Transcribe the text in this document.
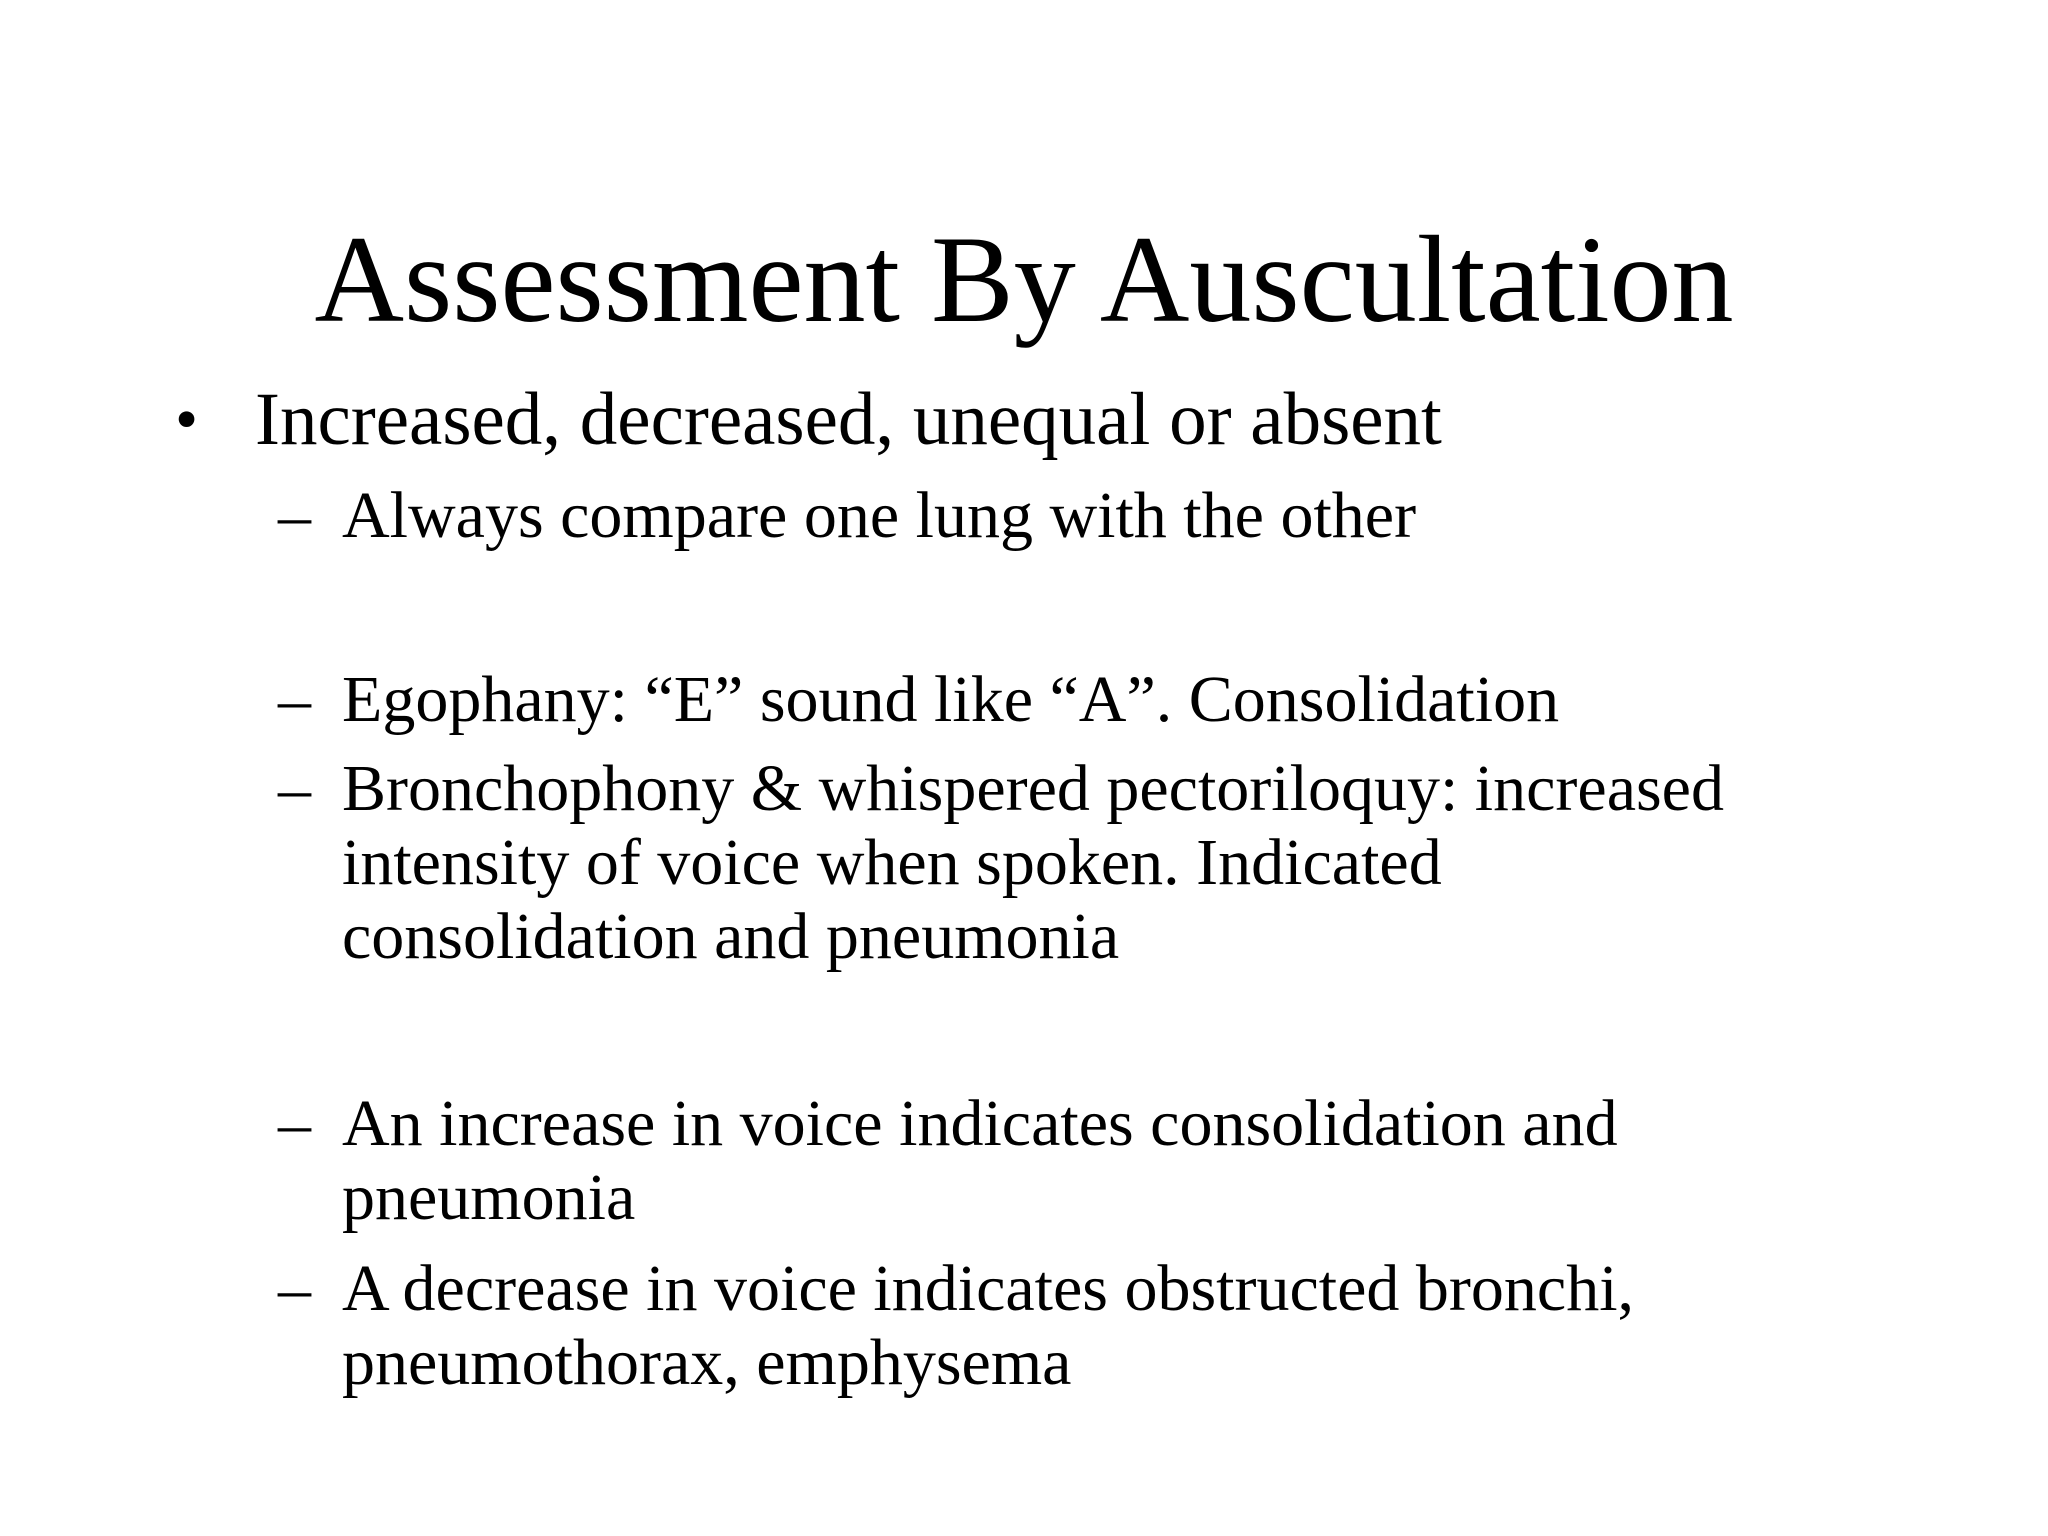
Assessment By Auscultation
• Increased, decreased, unequal or absent
– Always compare one lung with the other
– Egophany: “E” sound like “A”. Consolidation
– Bronchophony & whispered pectoriloquy: increased
intensity of voice when spoken. Indicated
consolidation and pneumonia
– An increase in voice indicates consolidation and
pneumonia
– A decrease in voice indicates obstructed bronchi,
pneumothorax, emphysema
